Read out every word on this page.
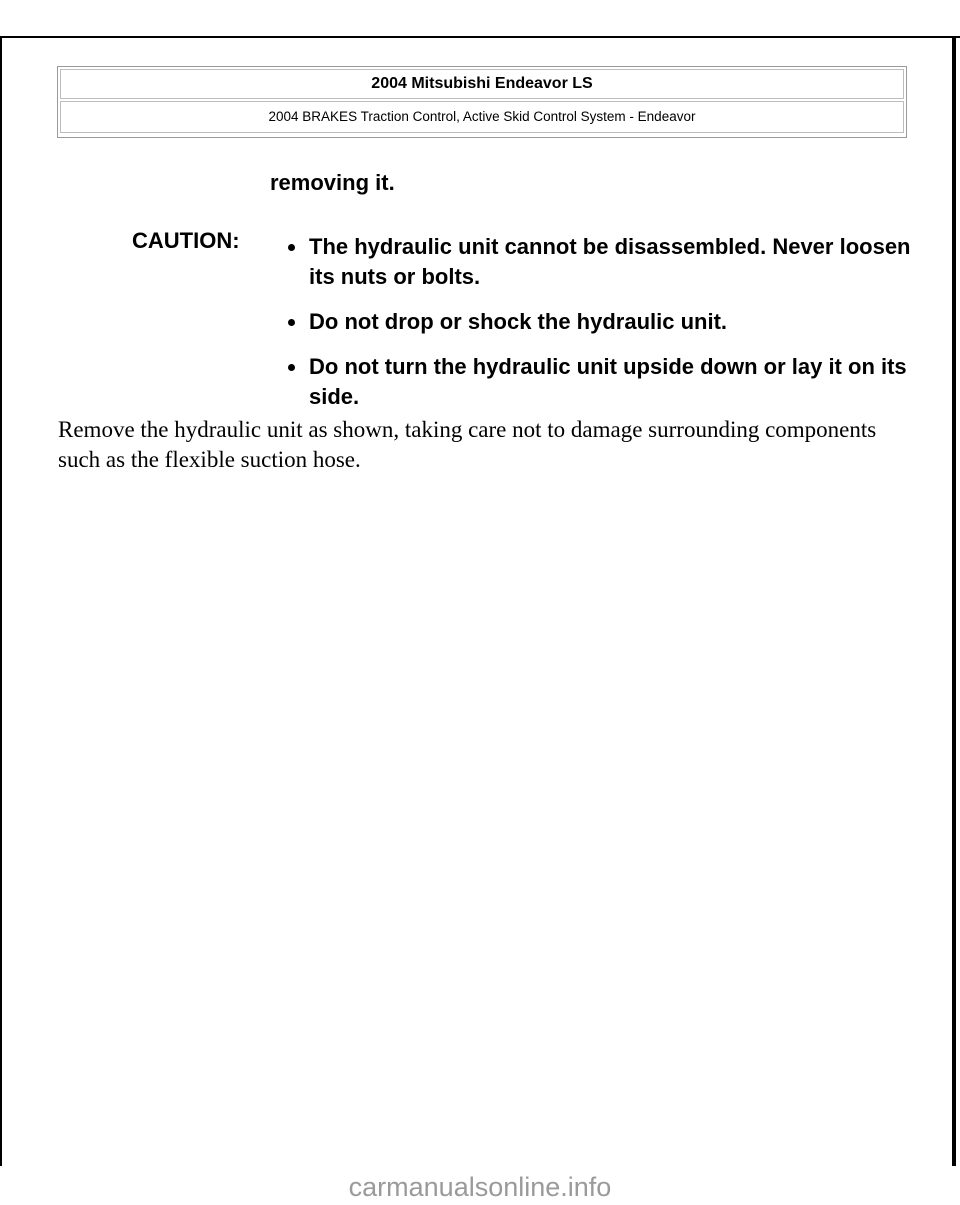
2004 Mitsubishi Endeavor LS
2004 BRAKES Traction Control, Active Skid Control System - Endeavor

removing it.

CAUTION:	The hydraulic unit cannot be disassembled. Never loosen its nuts or bolts.
Do not drop or shock the hydraulic unit.
Do not turn the hydraulic unit upside down or lay it on its side.

Remove the hydraulic unit as shown, taking care not to damage surrounding components such as the flexible suction hose.

carmanualsonline.info
